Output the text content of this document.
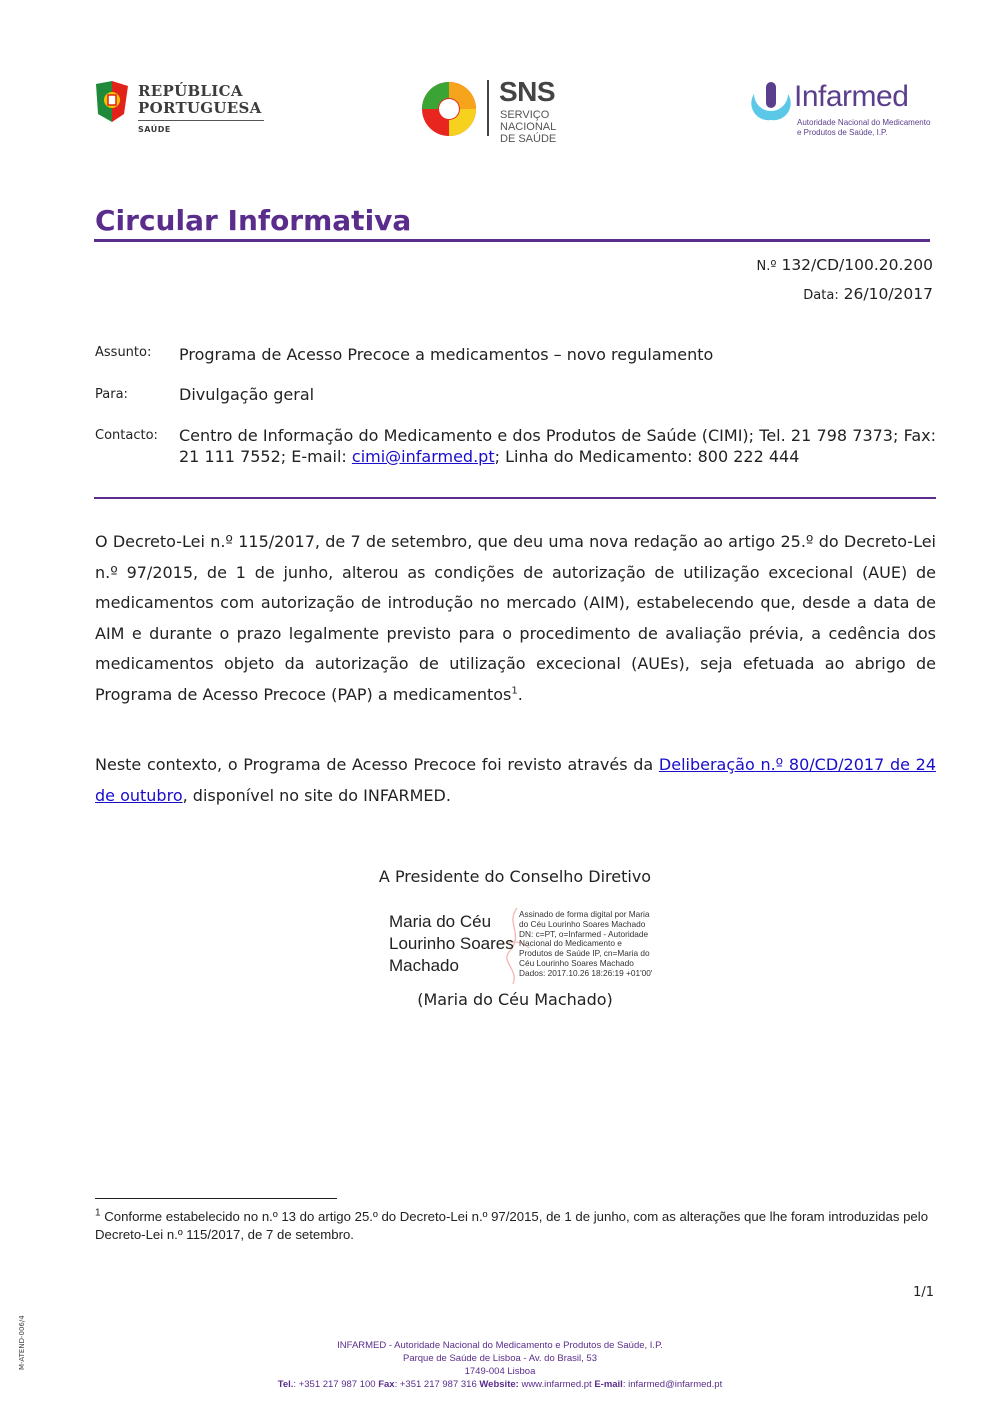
REPÚBLICA
PORTUGUESA
SAÚDE
SNS
SERVIÇO NACIONAL
DE SAÚDE
Infarmed
Autoridade Nacional do Medicamento
e Produtos de Saúde, I.P.
Circular Informativa
N.º 132/CD/100.20.200
Data: 26/10/2017
Assunto: Programa de Acesso Precoce a medicamentos – novo regulamento
Para:	Divulgação geral
Contacto: Centro de Informação do Medicamento e dos Produtos de Saúde (CIMI); Tel. 21 798 7373; Fax: 21 111 7552; E-mail: cimi@infarmed.pt; Linha do Medicamento: 800 222 444
O Decreto-Lei n.º 115/2017, de 7 de setembro, que deu uma nova redação ao artigo 25.º do Decreto-Lei n.º 97/2015, de 1 de junho, alterou as condições de autorização de utilização excecional (AUE) de medicamentos com autorização de introdução no mercado (AIM), estabelecendo que, desde a data de AIM e durante o prazo legalmente previsto para o procedimento de avaliação prévia, a cedência dos medicamentos objeto da autorização de utilização excecional (AUEs), seja efetuada ao abrigo de Programa de Acesso Precoce (PAP) a medicamentos$^1$.
Neste contexto, o Programa de Acesso Precoce foi revisto através da Deliberação n.º 80/CD/2017 de 24 de outubro, disponível no site do INFARMED.
A Presidente do Conselho Diretivo
Maria do Céu
Lourinho Soares
Machado
Assinado de forma digital por Maria
do Céu Lourinho Soares Machado
DN: c=PT, o=Infarmed - Autoridade
Nacional do Medicamento e
Produtos de Saúde IP, cn=Maria do
Céu Lourinho Soares Machado
Dados: 2017.10.26 18:26:19 +01'00'
(Maria do Céu Machado)
$^1$ Conforme estabelecido no n.º 13 do artigo 25.º do Decreto-Lei n.º 97/2015, de 1 de junho, com as alterações que lhe foram introduzidas pelo Decreto-Lei n.º 115/2017, de 7 de setembro.
1/1
M-ATEND-006/4	INFARMED - Autoridade Nacional do Medicamento e Produtos de Saúde, I.P.
Parque de Saúde de Lisboa - Av. do Brasil, 53
1749-004 Lisboa
Tel.: +351 217 987 100 Fax: +351 217 987 316 Website: www.infarmed.pt E-mail: infarmed@infarmed.pt
